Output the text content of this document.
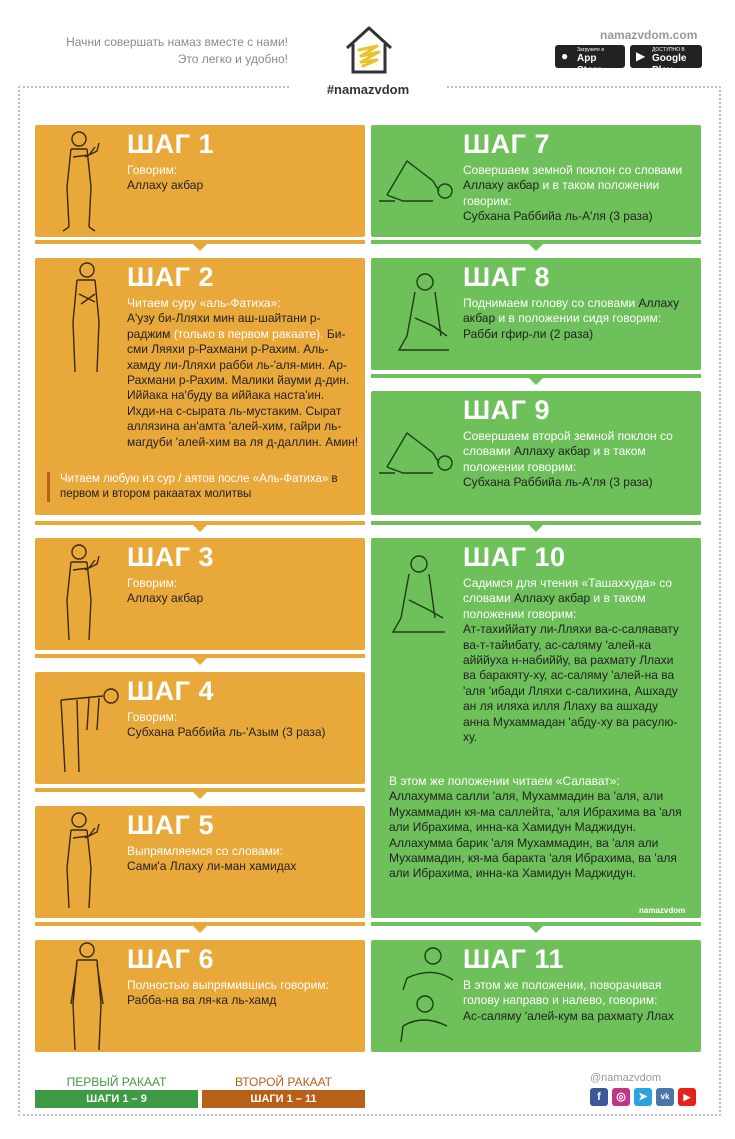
Начни совершать намаз вместе с нами!
Это легко и удобно!
#namazvdom
namazvdom.com
● Загрузите в
App Store
▶ ДОСТУПНО В
Google Play
ШАГ 1
Говорим:
Аллаху акбар
ШАГ 2
Читаем суру «аль-Фатиха»:
А'узу би-Лляхи мин аш-шайтани р-раджим (только в первом ракаате). Би-сми Ляяхи р-Рахмани р-Рахим. Аль-хамду ли-Лляхи рабби ль-'аля-мин. Ар-Рахмани р-Рахим. Малики йауми д-дин. Иййака на'буду ва иййака наста'ин. Ихди-на с-сырата ль-мустаким. Сырат аллязина ан'амта 'алей-хим, гайри ль-магдуби 'алей-хим ва ля д-даллин. Амин!
Читаем любую из сур / аятов после «Аль-Фатиха» в первом и втором ракаатах молитвы
ШАГ 3
Говорим:
Аллаху акбар
ШАГ 4
Говорим:
Субхана Раббийа ль-'Азым (3 раза)
ШАГ 5
Выпрямляемся со словами:
Сами'а Ллаху ли-ман хамидах
ШАГ 6
Полностью выпрямившись говорим:
Рабба-на ва ля-ка ль-хамд
ШАГ 7
Совершаем земной поклон со словами Аллаху акбар и в таком положении говорим:
Субхана Раббийа ль-А'ля (3 раза)
ШАГ 8
Поднимаем голову со словами Аллаху акбар и в положении сидя говорим:
Рабби гфир-ли (2 раза)
ШАГ 9
Совершаем второй земной поклон со словами Аллаху акбар и в таком положении говорим:
Субхана Раббийа ль-А'ля (3 раза)
ШАГ 10
Садимся для чтения «Ташаххуда» со словами Аллаху акбар и в таком положении говорим:
Ат-тахиййату ли-Лляхи ва-с-саляавату ва-т-тайибату, ас-саляму 'алей-ка айййуха н-набиййу, ва рахмату Ллахи ва баракяту-ху, ас-саляму 'алей-на ва 'аля 'ибади Лляхи с-салихина, Ашхаду ан ля иляха илля Ллаху ва ашхаду анна Мухаммадан 'абду-ху ва расулю-ху.
В этом же положении читаем «Салават»:
Аллахумма салли 'аля, Мухаммадин ва 'аля, али Мухаммадин кя-ма саллейта, 'аля Ибрахима ва 'аля али Ибрахима, инна-ка Хамидун Маджидун. Аллахумма барик 'аля Мухаммадин, ва 'аля али Мухаммадин, кя-ма баракта 'аля Ибрахима, ва 'аля али Ибрахима, инна-ка Хамидун Маджидун.
namazvdom
ШАГ 11
В этом же положении, поворачивая голову направо и налево, говорим:
Ас-саляму 'алей-кум ва рахмату Ллах
ПЕРВЫЙ РАКААТ
ШАГИ 1 – 9
ВТОРОЙ РАКААТ
ШАГИ 1 – 11
@namazvdom
f	◎	➤	vk	▶
